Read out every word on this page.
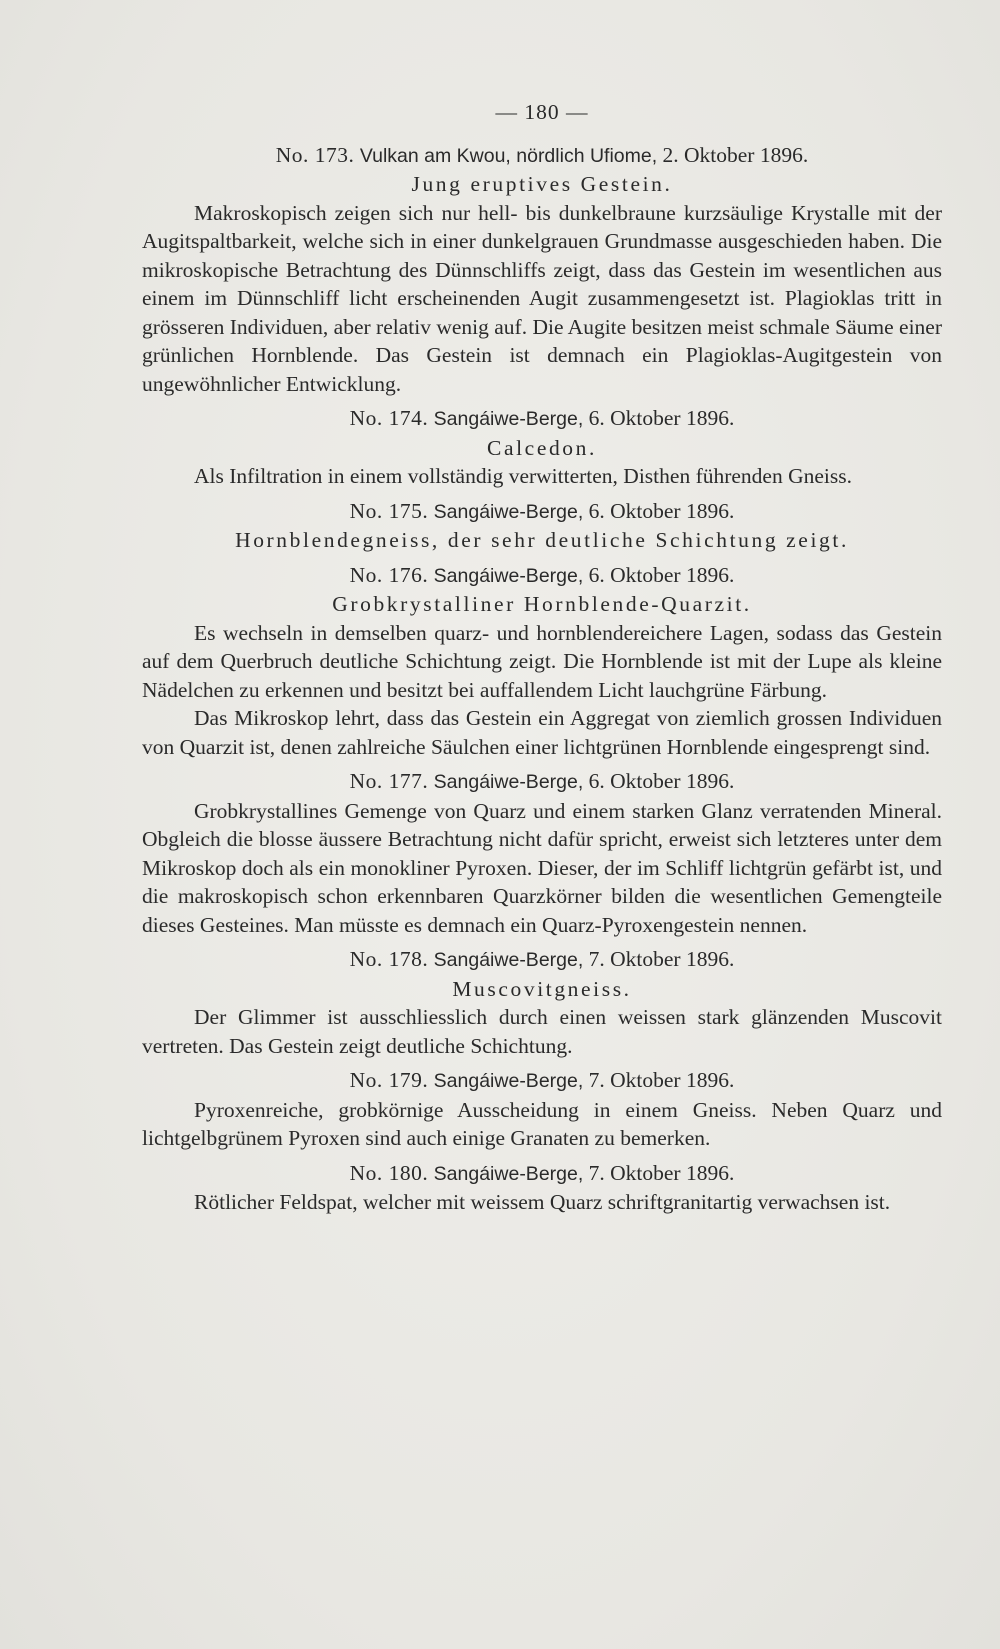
— 180 —
No. 173. Vulkan am Kwou, nördlich Ufiome, 2. Oktober 1896.
Jung eruptives Gestein.

Makroskopisch zeigen sich nur hell- bis dunkelbraune kurzsäulige Krystalle mit der Augitspaltbarkeit, welche sich in einer dunkelgrauen Grundmasse ausgeschieden haben. Die mikroskopische Betrachtung des Dünnschliffs zeigt, dass das Gestein im wesentlichen aus einem im Dünnschliff licht erscheinenden Augit zusammengesetzt ist. Plagioklas tritt in grösseren Individuen, aber relativ wenig auf. Die Augite besitzen meist schmale Säume einer grünlichen Hornblende. Das Gestein ist demnach ein Plagioklas-Augitgestein von ungewöhnlicher Entwicklung.

No. 174. Sangáiwe-Berge, 6. Oktober 1896.
Calcedon.

Als Infiltration in einem vollständig verwitterten, Disthen führenden Gneiss.

No. 175. Sangáiwe-Berge, 6. Oktober 1896.
Hornblendegneiss, der sehr deutliche Schichtung zeigt.
No. 176. Sangáiwe-Berge, 6. Oktober 1896.
Grobkrystalliner Hornblende-Quarzit.

Es wechseln in demselben quarz- und hornblendereichere Lagen, sodass das Gestein auf dem Querbruch deutliche Schichtung zeigt. Die Hornblende ist mit der Lupe als kleine Nädelchen zu erkennen und besitzt bei auffallendem Licht lauchgrüne Färbung.

Das Mikroskop lehrt, dass das Gestein ein Aggregat von ziemlich grossen Individuen von Quarzit ist, denen zahlreiche Säulchen einer lichtgrünen Hornblende eingesprengt sind.

No. 177. Sangáiwe-Berge, 6. Oktober 1896.

Grobkrystallines Gemenge von Quarz und einem starken Glanz verratenden Mineral. Obgleich die blosse äussere Betrachtung nicht dafür spricht, erweist sich letzteres unter dem Mikroskop doch als ein monokliner Pyroxen. Dieser, der im Schliff lichtgrün gefärbt ist, und die makroskopisch schon erkennbaren Quarzkörner bilden die wesentlichen Gemengteile dieses Gesteines. Man müsste es demnach ein Quarz-Pyroxengestein nennen.

No. 178. Sangáiwe-Berge, 7. Oktober 1896.
Muscovitgneiss.

Der Glimmer ist ausschliesslich durch einen weissen stark glänzenden Muscovit vertreten. Das Gestein zeigt deutliche Schichtung.

No. 179. Sangáiwe-Berge, 7. Oktober 1896.

Pyroxenreiche, grobkörnige Ausscheidung in einem Gneiss. Neben Quarz und lichtgelbgrünem Pyroxen sind auch einige Granaten zu bemerken.

No. 180. Sangáiwe-Berge, 7. Oktober 1896.

Rötlicher Feldspat, welcher mit weissem Quarz schriftgranitartig verwachsen ist.
